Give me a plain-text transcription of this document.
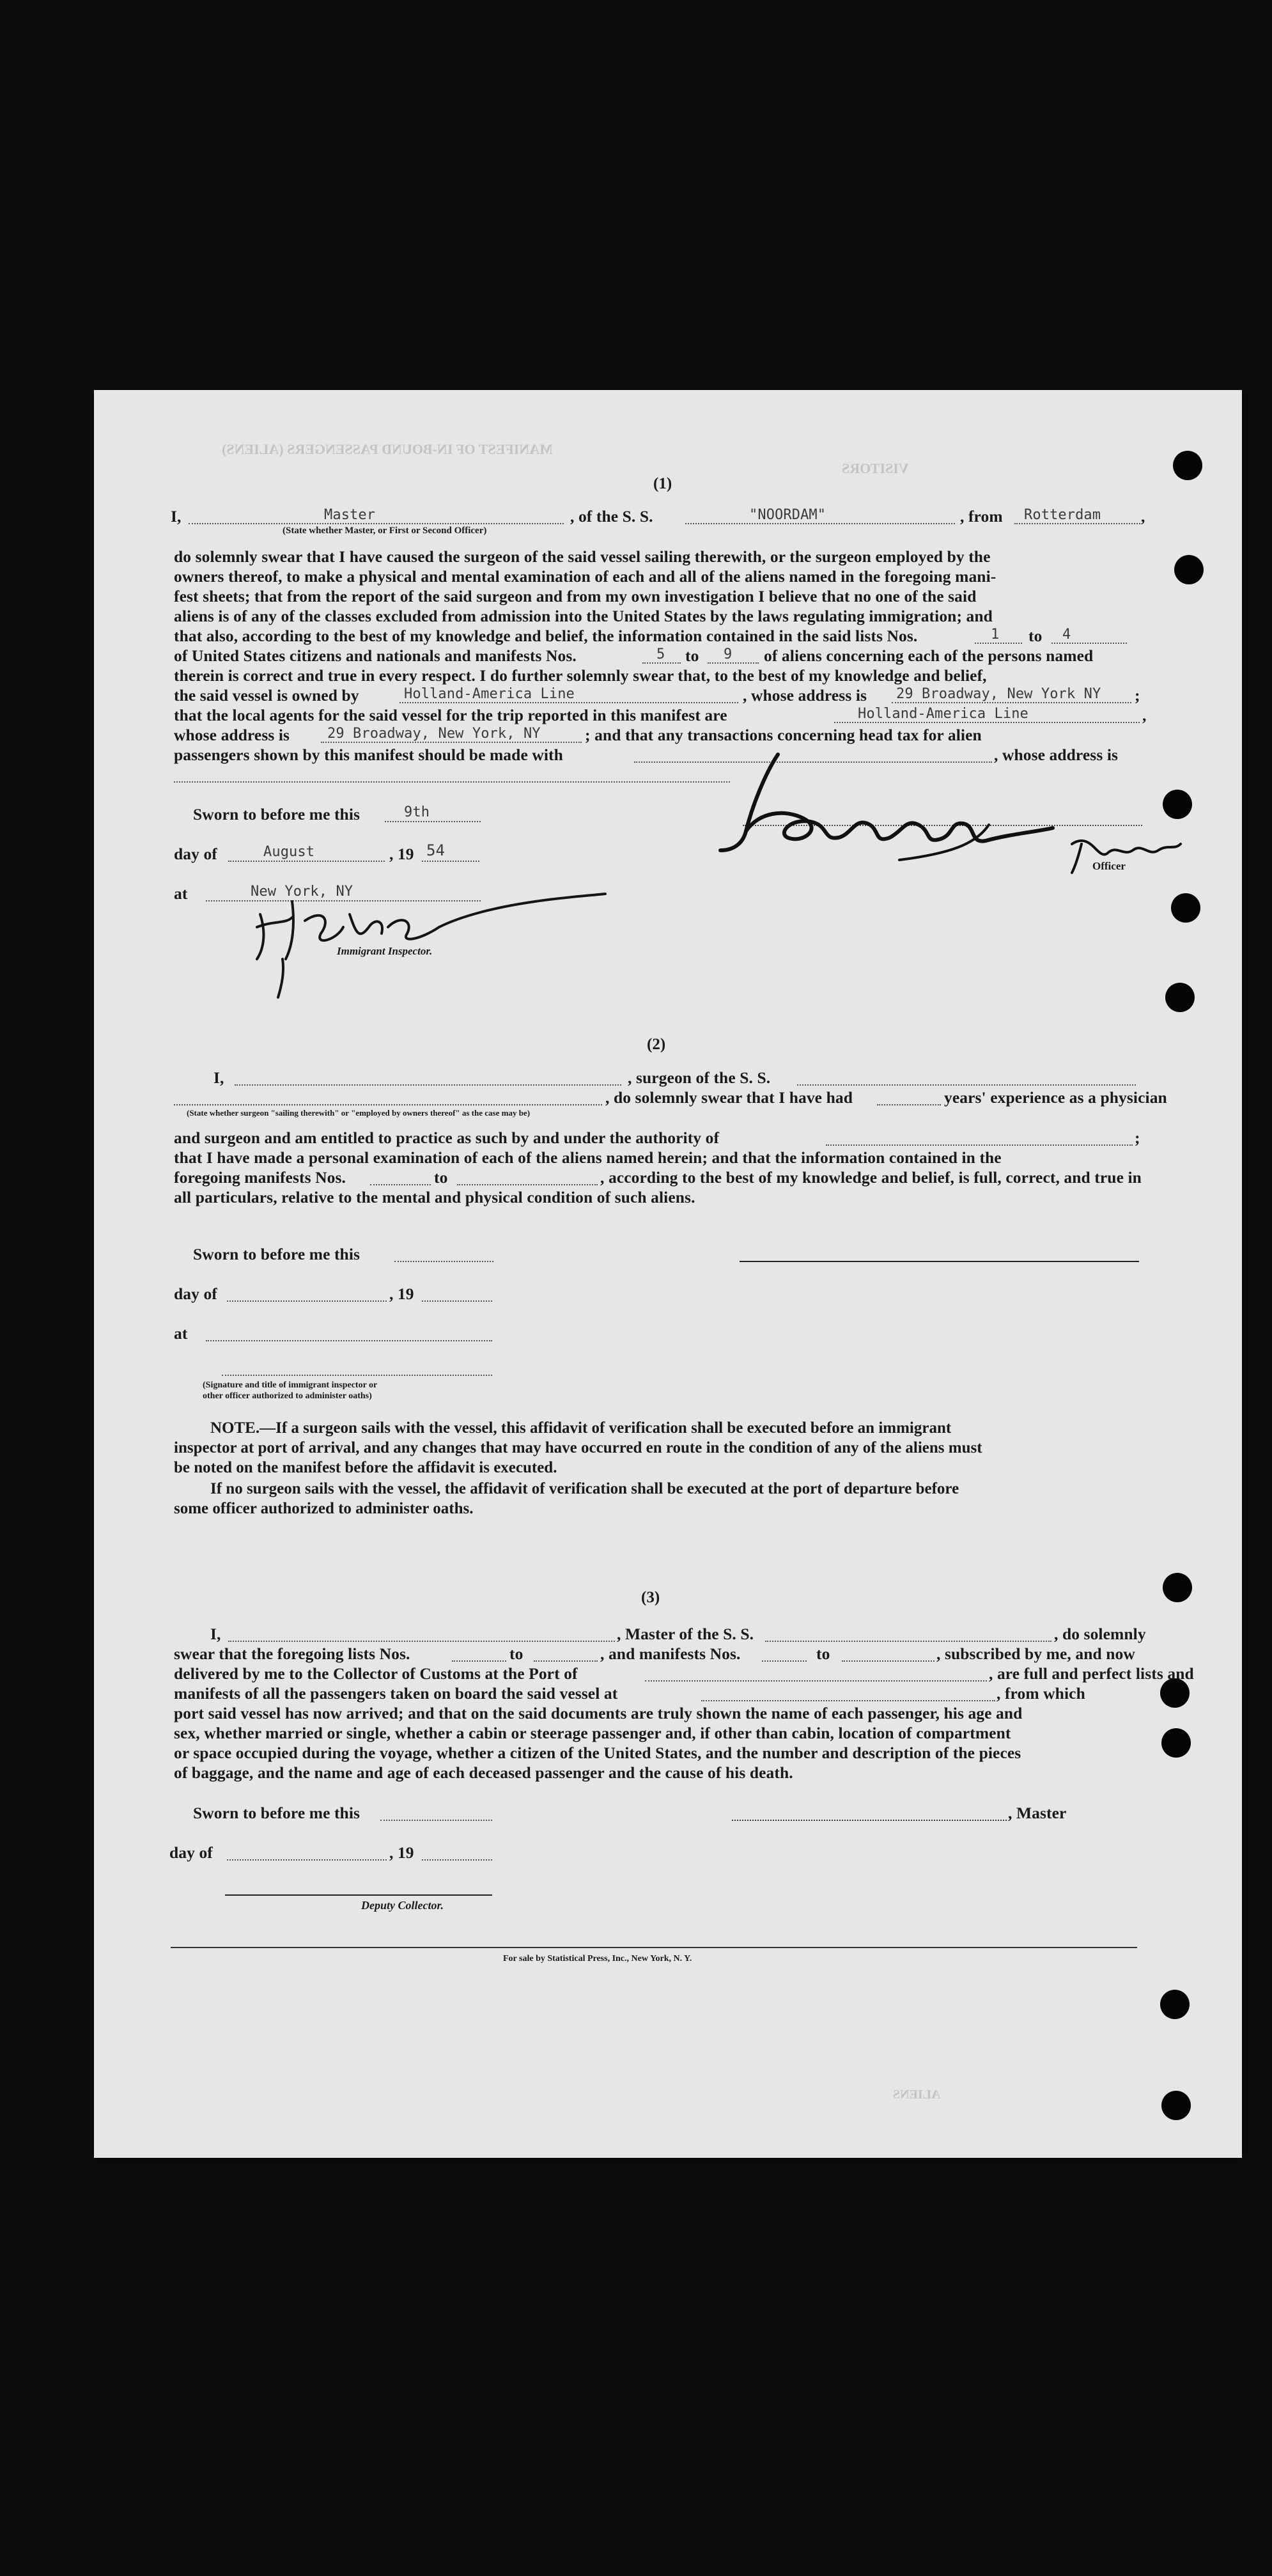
MANIFEST OF IN-BOUND PASSENGERS (ALIENS)
VISITORS
(1)
I,	Master
(State whether Master, or First or Second Officer)
, of the S. S.	"NOORDAM"	, from Rotterdam ,
do solemnly swear that I have caused the surgeon of the said vessel sailing therewith, or the surgeon employed by the
owners thereof, to make a physical and mental examination of each and all of the aliens named in the foregoing mani-
fest sheets; that from the report of the said surgeon and from my own investigation I believe that no one of the said
aliens is of any of the classes excluded from admission into the United States by the laws regulating immigration; and
that also, according to the best of my knowledge and belief, the information contained in the said lists Nos.	1 to 4
of United States citizens and nationals and manifests Nos.	5 to 9 of aliens concerning each of the persons named
therein is correct and true in every respect. I do further solemnly swear that, to the best of my knowledge and belief,
the said vessel is owned by	Holland-America Line	, whose address is 29 Broadway, New York NY ;
that the local agents for the said vessel for the trip reported in this manifest are	Holland-America Line	,
whose address is	29 Broadway, New York, NY	; and that any transactions concerning head tax for alien
passengers shown by this manifest should be made with	, whose address is
Sworn to before me this	9th
day of	August	, 19 54
at	New York, NY
Immigrant Inspector.
Officer
(2)
I,	, surgeon of the S. S.
, do solemnly swear that I have had	years' experience as a physician
(State whether surgeon "sailing therewith" or "employed by owners thereof" as the case may be)
and surgeon and am entitled to practice as such by and under the authority of	;
that I have made a personal examination of each of the aliens named herein; and that the information contained in the
foregoing manifests Nos.	to	, according to the best of my knowledge and belief, is full, correct, and true in
all particulars, relative to the mental and physical condition of such aliens.
Sworn to before me this
day of	, 19
at
(Signature and title of immigrant inspector or
other officer authorized to administer oaths)
NOTE.—If a surgeon sails with the vessel, this affidavit of verification shall be executed before an immigrant
inspector at port of arrival, and any changes that may have occurred en route in the condition of any of the aliens must
be noted on the manifest before the affidavit is executed.
If no surgeon sails with the vessel, the affidavit of verification shall be executed at the port of departure before
some officer authorized to administer oaths.
(3)
I,	, Master of the S. S.	, do solemnly
swear that the foregoing lists Nos.	to	, and manifests Nos.	to	, subscribed by me, and now
delivered by me to the Collector of Customs at the Port of	, are full and perfect lists and
manifests of all the passengers taken on board the said vessel at	, from which
port said vessel has now arrived; and that on the said documents are truly shown the name of each passenger, his age and
sex, whether married or single, whether a cabin or steerage passenger and, if other than cabin, location of compartment
or space occupied during the voyage, whether a citizen of the United States, and the number and description of the pieces
of baggage, and the name and age of each deceased passenger and the cause of his death.
Sworn to before me this	, Master
day of	, 19
Deputy Collector.
For sale by Statistical Press, Inc., New York, N. Y.
ALIENS
